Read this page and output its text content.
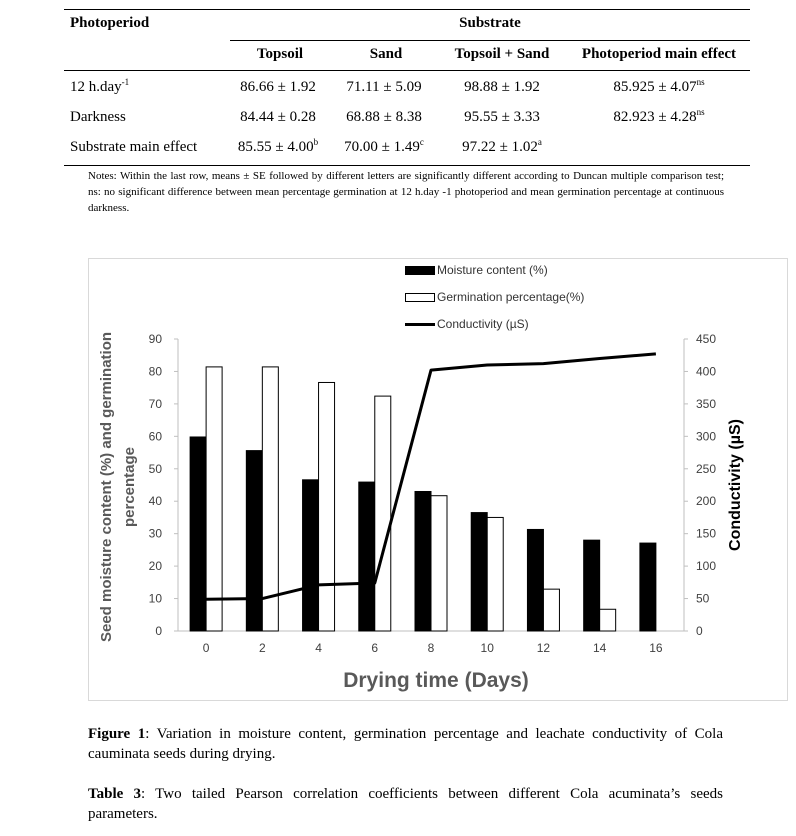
Photoperiod	Substrate
Topsoil	Sand	Topsoil + Sand	Photoperiod main effect
12 h.day$^{-1}$	86.66 ± 1.92	71.11 ± 5.09	98.88 ± 1.92	$85.925 \pm 4.07^{ns}$
Darkness	84.44 ± 0.28	68.88 ± 8.38	95.55 ± 3.33	$82.923 \pm 4.28^{ns}$
Substrate main effect	85.55 ± 4.00$^b$	70.00 ± 1.49$^c$	97.22 ± 1.02$^a$
Notes: Within the last row, means ± SE followed by different letters are significantly different according to Duncan multiple comparison test; ns: no significant difference between mean percentage germination at 12 h.day -1 photoperiod and mean germination percentage at continuous darkness.
0
10
20
30
40
50
60
70
80
90
0
50
100
150
200
250
300
350
400
450
0	2	4	6	8	10	12	14	16
Drying time (Days)
Seed moisture content (%) and germination percentage	Conductivity (µS)
Moisture content (%)
Germination percentage(%)
Conductivity (µS)
Figure 1: Variation in moisture content, germination percentage and leachate conductivity of Cola cauminata seeds during drying.
Table 3: Two tailed Pearson correlation coefficients between different Cola acuminata’s seeds parameters.
